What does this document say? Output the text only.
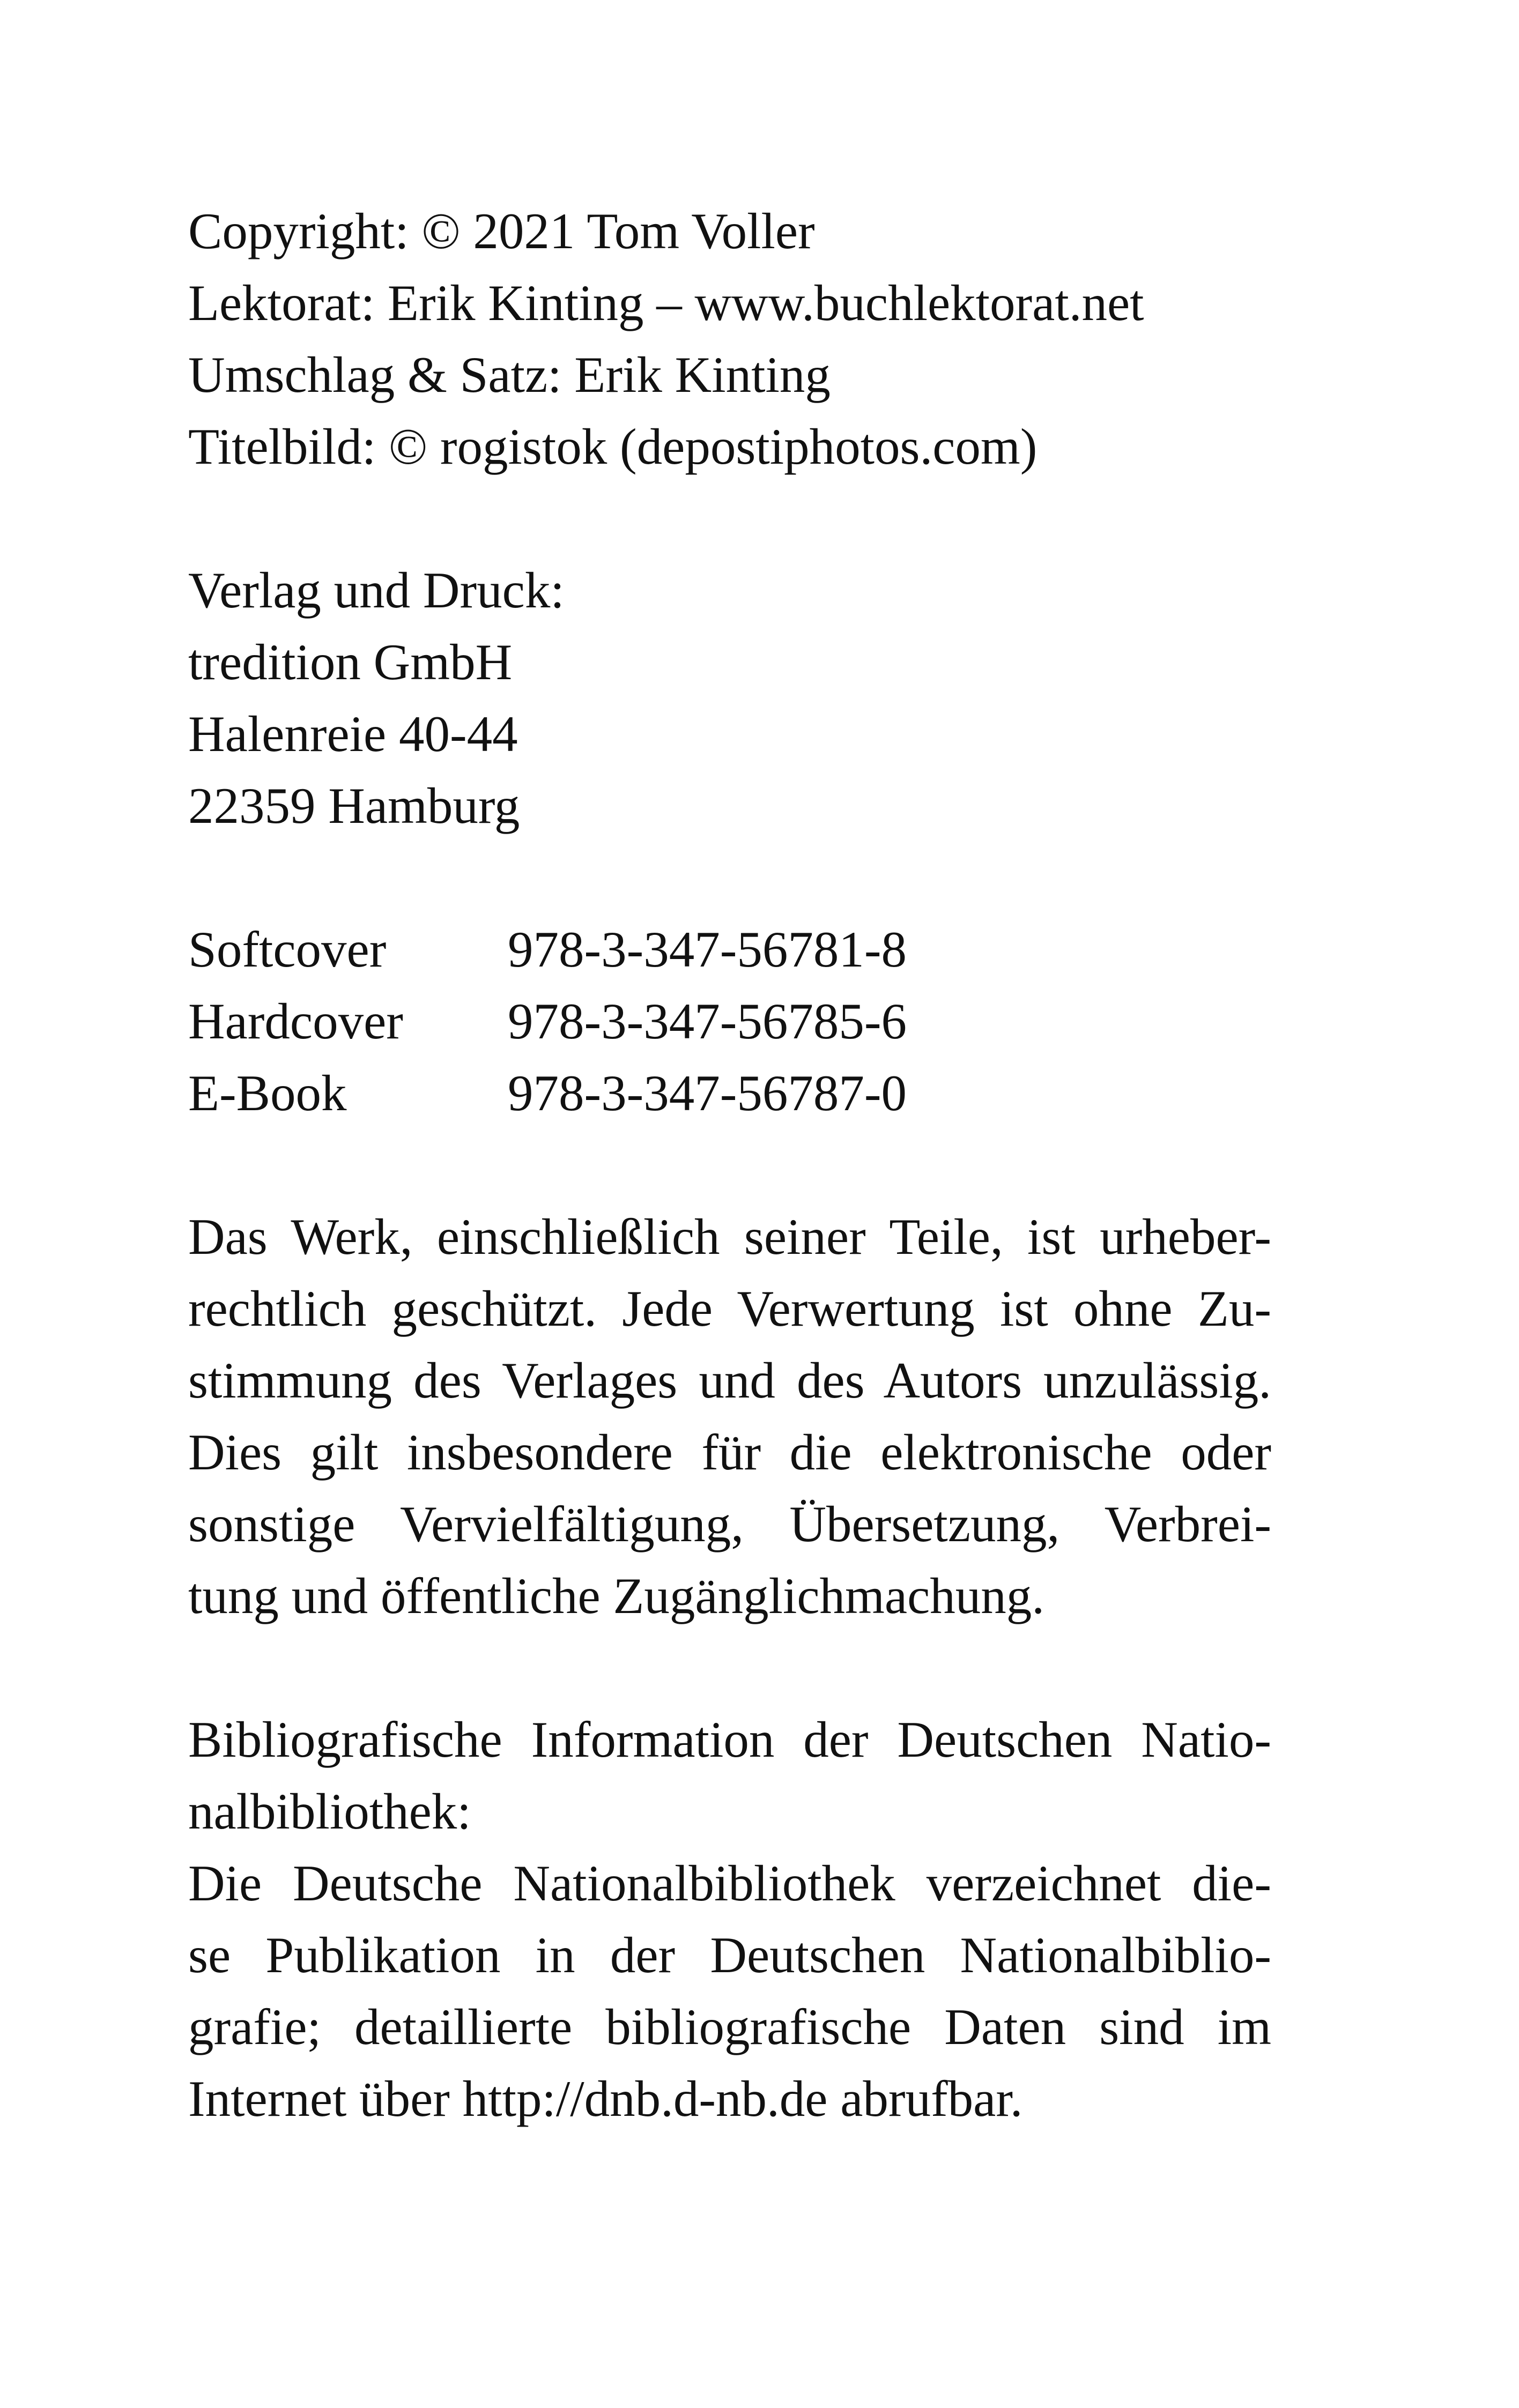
Copyright: © 2021 Tom Voller
Lektorat: Erik Kinting – www.buchlektorat.net
Umschlag & Satz: Erik Kinting
Titelbild: © rogistok (depostiphotos.com)
Verlag und Druck:
tredition GmbH
Halenreie 40-44
22359 Hamburg
Softcover	978-3-347-56781-8
Hardcover	978-3-347-56785-6
E-Book	978-3-347-56787-0
Das Werk, einschließlich seiner Teile, ist urheber-
rechtlich geschützt. Jede Verwertung ist ohne Zu-
stimmung des Verlages und des Autors unzulässig.
Dies gilt insbesondere für die elektronische oder
sonstige Vervielfältigung, Übersetzung, Verbrei-
tung und öffentliche Zugänglichmachung.
Bibliografische Information der Deutschen Natio-
nalbibliothek:
Die Deutsche Nationalbibliothek verzeichnet die-
se Publikation in der Deutschen Nationalbiblio-
grafie; detaillierte bibliografische Daten sind im
Internet über http://dnb.d-nb.de abrufbar.
